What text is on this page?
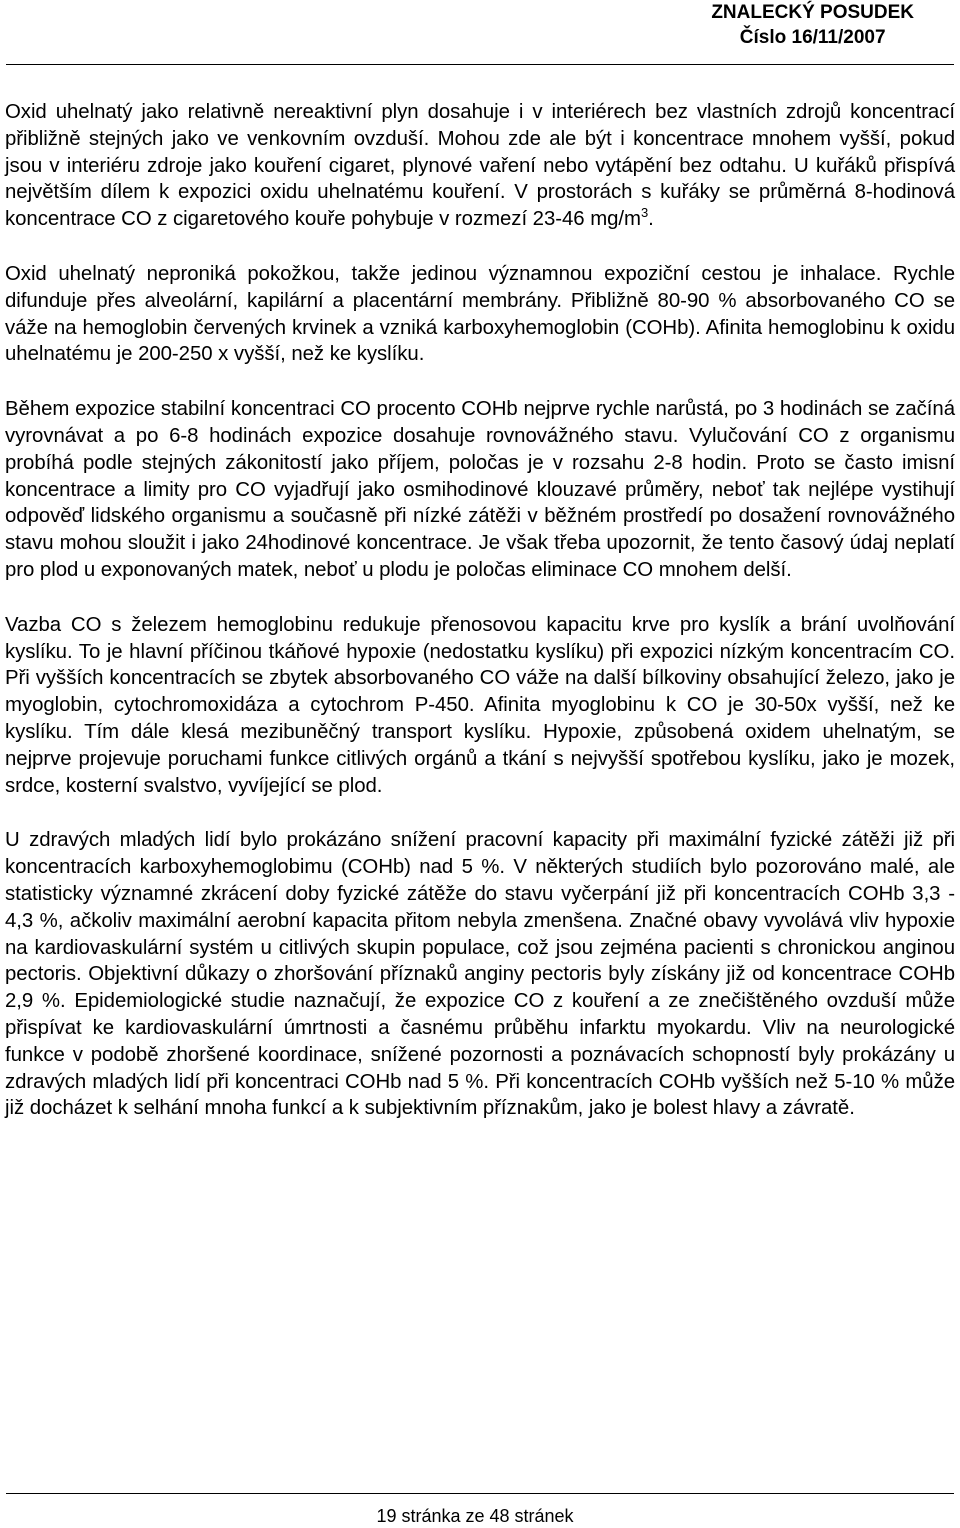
ZNALECKÝ POSUDEK
Číslo 16/11/2007

Oxid uhelnatý jako relativně nereaktivní plyn dosahuje i v interiérech bez vlastních zdrojů koncentrací přibližně stejných jako ve venkovním ovzduší. Mohou zde ale být i koncentrace mnohem vyšší, pokud jsou v interiéru zdroje jako kouření cigaret, plynové vaření nebo vytápění bez odtahu. U kuřáků přispívá největším dílem k expozici oxidu uhelnatému kouření. V prostorách s kuřáky se průměrná 8-hodinová koncentrace CO z cigaretového kouře pohybuje v rozmezí 23-46 $mg/m^3$.

Oxid uhelnatý neproniká pokožkou, takže jedinou významnou expoziční cestou je inhalace. Rychle difunduje přes alveolární, kapilární a placentární membrány. Přibližně 80-90 % absorbovaného CO se váže na hemoglobin červených krvinek a vzniká karboxyhemoglobin (COHb). Afinita hemoglobinu k oxidu uhelnatému je 200-250 x vyšší, než ke kyslíku.

Během expozice stabilní koncentraci CO procento COHb nejprve rychle narůstá, po 3 hodinách se začíná vyrovnávat a po 6-8 hodinách expozice dosahuje rovnovážného stavu. Vylučování CO z organismu probíhá podle stejných zákonitostí jako příjem, poločas je v rozsahu 2-8 hodin. Proto se často imisní koncentrace a limity pro CO vyjadřují jako osmihodinové klouzavé průměry, neboť tak nejlépe vystihují odpověď lidského organismu a současně při nízké zátěži v běžném prostředí po dosažení rovnovážného stavu mohou sloužit i jako 24hodinové koncentrace. Je však třeba upozornit, že tento časový údaj neplatí pro plod u exponovaných matek, neboť u plodu je poločas eliminace CO mnohem delší.

Vazba CO s železem hemoglobinu redukuje přenosovou kapacitu krve pro kyslík a brání uvolňování kyslíku. To je hlavní příčinou tkáňové hypoxie (nedostatku kyslíku) při expozici nízkým koncentracím CO. Při vyšších koncentracích se zbytek absorbovaného CO váže na další bílkoviny obsahující železo, jako je myoglobin, cytochromoxidáza a cytochrom P-450. Afinita myoglobinu k CO je 30-50x vyšší, než ke kyslíku. Tím dále klesá mezibuněčný transport kyslíku. Hypoxie, způsobená oxidem uhelnatým, se nejprve projevuje poruchami funkce citlivých orgánů a tkání s nejvyšší spotřebou kyslíku, jako je mozek, srdce, kosterní svalstvo, vyvíjející se plod.

U zdravých mladých lidí bylo prokázáno snížení pracovní kapacity při maximální fyzické zátěži již při koncentracích karboxyhemoglobimu (COHb) nad 5 %. V některých studiích bylo pozorováno malé, ale statisticky významné zkrácení doby fyzické zátěže do stavu vyčerpání již při koncentracích COHb 3,3 - 4,3 %, ačkoliv maximální aerobní kapacita přitom nebyla zmenšena. Značné obavy vyvolává vliv hypoxie na kardiovaskulární systém u citlivých skupin populace, což jsou zejména pacienti s chronickou anginou pectoris. Objektivní důkazy o zhoršování příznaků anginy pectoris byly získány již od koncentrace COHb 2,9 %. Epidemiologické studie naznačují, že expozice CO z kouření a ze znečištěného ovzduší může přispívat ke kardiovaskulární úmrtnosti a časnému průběhu infarktu myokardu. Vliv na neurologické funkce v podobě zhoršené koordinace, snížené pozornosti a poznávacích schopností byly prokázány u zdravých mladých lidí při koncentraci COHb nad 5 %. Při koncentracích COHb vyšších než 5-10 % může již docházet k selhání mnoha funkcí a k subjektivním příznakům, jako je bolest hlavy a závratě.

19 stránka ze 48 stránek
